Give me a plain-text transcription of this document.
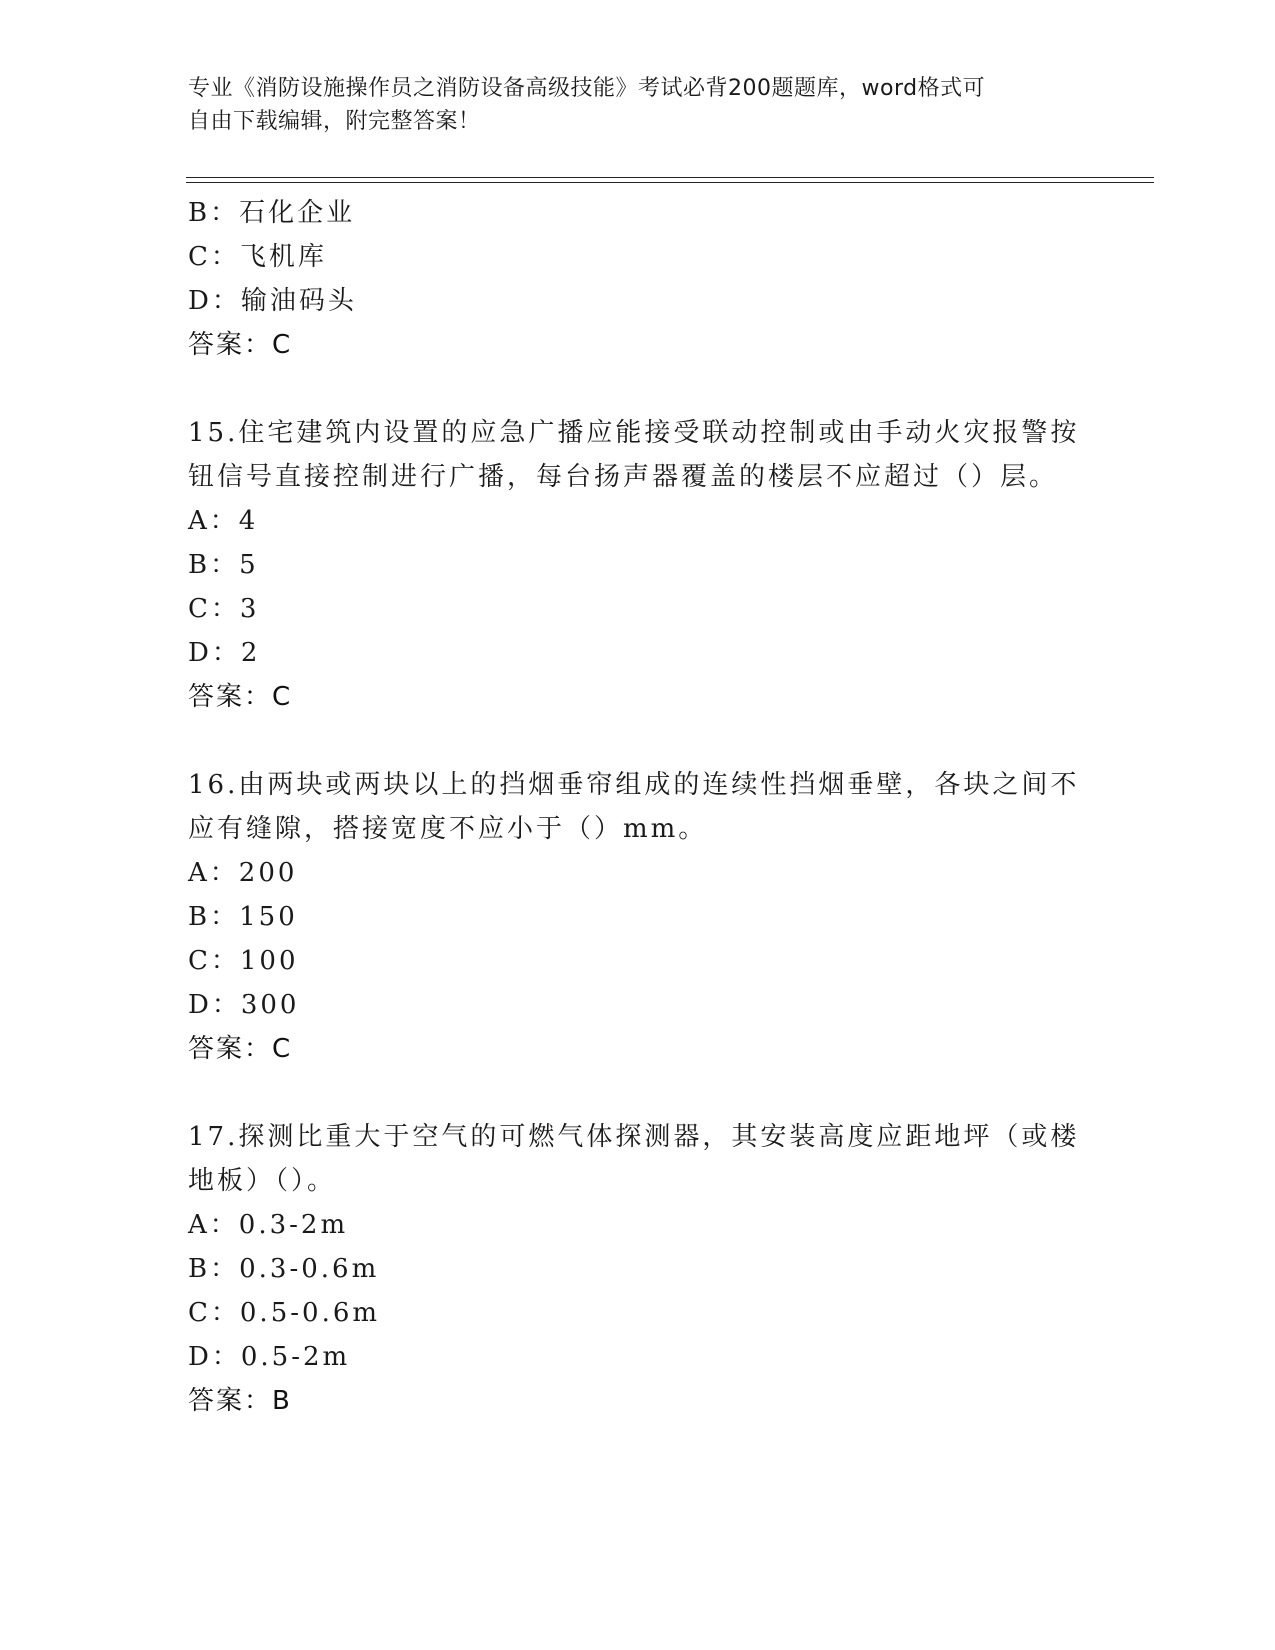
专业《消防设施操作员之消防设备高级技能》考试必背200题题库，word格式可
自由下载编辑，附完整答案！
B：石化企业
C：飞机库
D：输油码头
答案：C
15.住宅建筑内设置的应急广播应能接受联动控制或由手动火灾报警按
钮信号直接控制进行广播，每台扬声器覆盖的楼层不应超过（）层。
A：4
B：5
C：3
D：2
答案：C
16.由两块或两块以上的挡烟垂帘组成的连续性挡烟垂壁，各块之间不
应有缝隙，搭接宽度不应小于（）mm。
A：200
B：150
C：100
D：300
答案：C
17.探测比重大于空气的可燃气体探测器，其安装高度应距地坪（或楼
地板）（）。
A：0.3-2m
B：0.3-0.6m
C：0.5-0.6m
D：0.5-2m
答案：B
